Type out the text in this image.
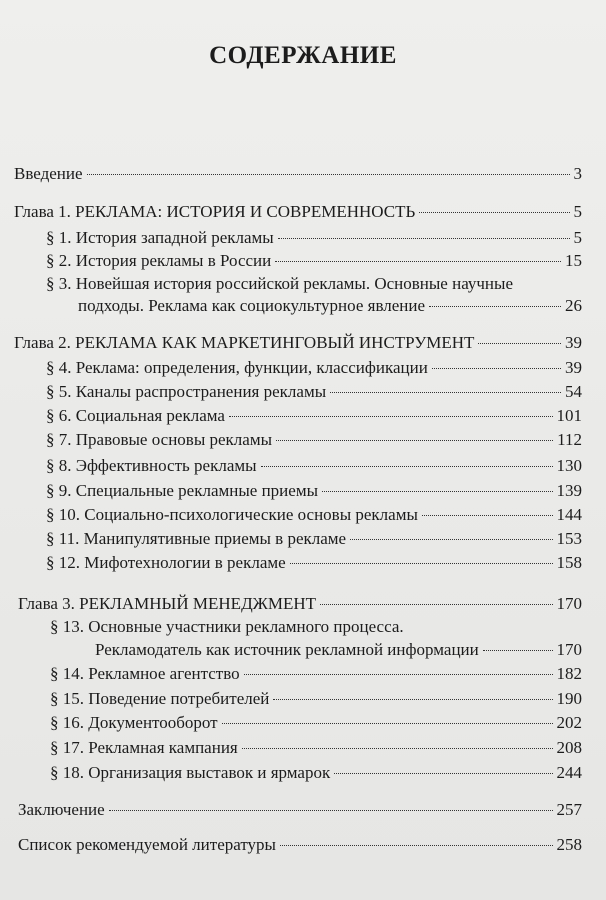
СОДЕРЖАНИЕ
Введение	3
Глава 1. РЕКЛАМА: ИСТОРИЯ И СОВРЕМЕННОСТЬ	5
§ 1. История западной рекламы	5
§ 2. История рекламы в России	15
§ 3. Новейшая история российской рекламы. Основные научные
подходы. Реклама как социокультурное явление	26
Глава 2. РЕКЛАМА КАК МАРКЕТИНГОВЫЙ ИНСТРУМЕНТ	39
§ 4. Реклама: определения, функции, классификации	39
§ 5. Каналы распространения рекламы	54
§ 6. Социальная реклама	101
§ 7. Правовые основы рекламы	112
§ 8. Эффективность рекламы	130
§ 9. Специальные рекламные приемы	139
§ 10. Социально-психологические основы рекламы	144
§ 11. Манипулятивные приемы в рекламе	153
§ 12. Мифотехнологии в рекламе	158
Глава 3. РЕКЛАМНЫЙ МЕНЕДЖМЕНТ	170
§ 13. Основные участники рекламного процесса.
Рекламодатель как источник рекламной информации	170
§ 14. Рекламное агентство	182
§ 15. Поведение потребителей	190
§ 16. Документооборот	202
§ 17. Рекламная кампания	208
§ 18. Организация выставок и ярмарок	244
Заключение	257
Список рекомендуемой литературы	258
